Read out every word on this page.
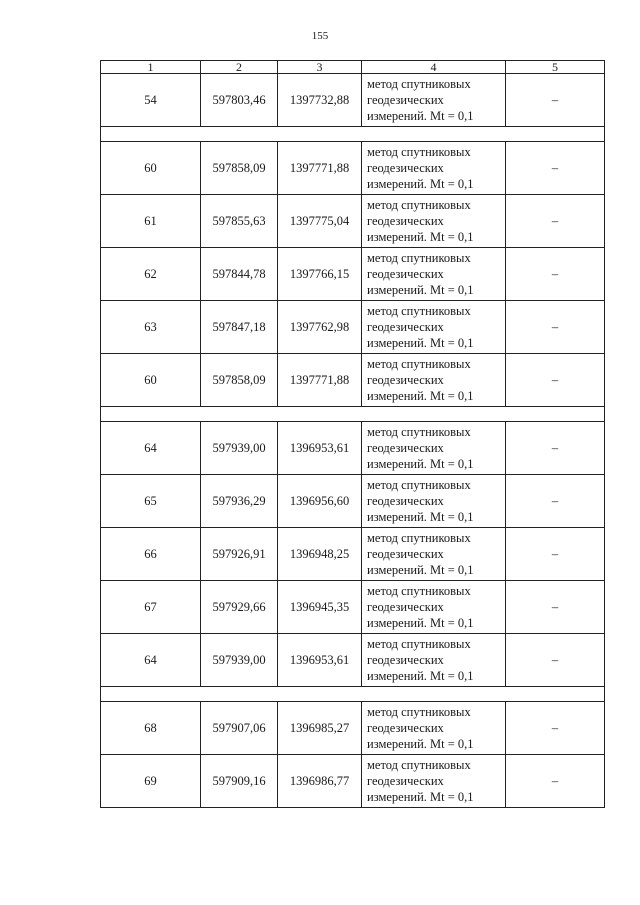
155
1	2	3	4	5
54	597803,46	1397732,88	метод спутниковых
геодезических
измерений. Mt = 0,1	–

60	597858,09	1397771,88	метод спутниковых
геодезических
измерений. Mt = 0,1	–
61	597855,63	1397775,04	метод спутниковых
геодезических
измерений. Mt = 0,1	–
62	597844,78	1397766,15	метод спутниковых
геодезических
измерений. Mt = 0,1	–
63	597847,18	1397762,98	метод спутниковых
геодезических
измерений. Mt = 0,1	–
60	597858,09	1397771,88	метод спутниковых
геодезических
измерений. Mt = 0,1	–

64	597939,00	1396953,61	метод спутниковых
геодезических
измерений. Mt = 0,1	–
65	597936,29	1396956,60	метод спутниковых
геодезических
измерений. Mt = 0,1	–
66	597926,91	1396948,25	метод спутниковых
геодезических
измерений. Mt = 0,1	–
67	597929,66	1396945,35	метод спутниковых
геодезических
измерений. Mt = 0,1	–
64	597939,00	1396953,61	метод спутниковых
геодезических
измерений. Mt = 0,1	–

68	597907,06	1396985,27	метод спутниковых
геодезических
измерений. Mt = 0,1	–
69	597909,16	1396986,77	метод спутниковых
геодезических
измерений. Mt = 0,1	–
